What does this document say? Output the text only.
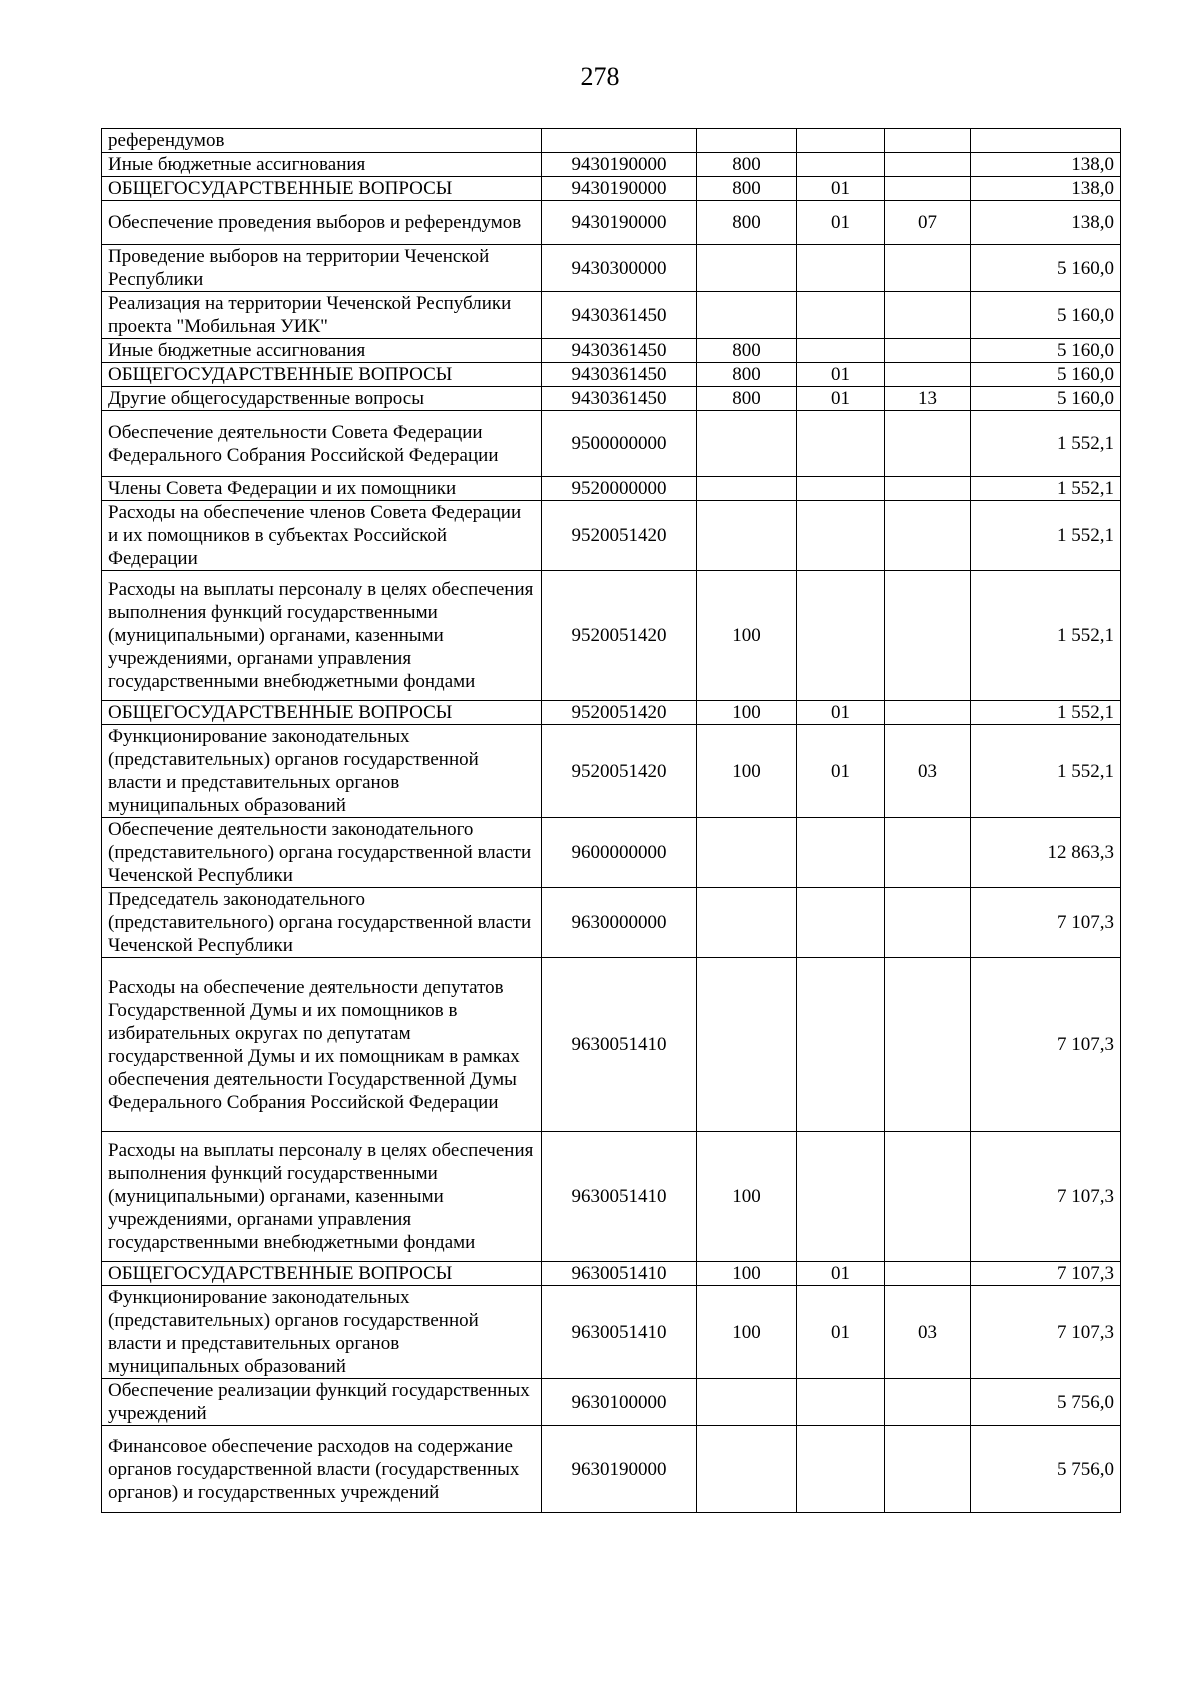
278
референдумов					
Иные бюджетные ассигнования	9430190000	800			138,0
ОБЩЕГОСУДАРСТВЕННЫЕ ВОПРОСЫ	9430190000	800	01		138,0
Обеспечение проведения выборов и референдумов	9430190000	800	01	07	138,0
Проведение выборов на территории Чеченской Республики	9430300000				5 160,0
Реализация на территории Чеченской Республики проекта "Мобильная УИК"	9430361450				5 160,0
Иные бюджетные ассигнования	9430361450	800			5 160,0
ОБЩЕГОСУДАРСТВЕННЫЕ ВОПРОСЫ	9430361450	800	01		5 160,0
Другие общегосударственные вопросы	9430361450	800	01	13	5 160,0
Обеспечение деятельности Совета Федерации Федерального Собрания Российской Федерации	9500000000				1 552,1
Члены Совета Федерации и их помощники	9520000000				1 552,1
Расходы на обеспечение членов Совета Федерации и их помощников в субъектах Российской Федерации	9520051420				1 552,1
Расходы на выплаты персоналу в целях обеспечения выполнения функций государственными (муниципальными) органами, казенными учреждениями, органами управления государственными внебюджетными фондами	9520051420	100			1 552,1
ОБЩЕГОСУДАРСТВЕННЫЕ ВОПРОСЫ	9520051420	100	01		1 552,1
Функционирование законодательных (представительных) органов государственной власти и представительных органов муниципальных образований	9520051420	100	01	03	1 552,1
Обеспечение деятельности законодательного (представительного) органа государственной власти Чеченской Республики	9600000000				12 863,3
Председатель законодательного (представительного) органа государственной власти Чеченской Республики	9630000000				7 107,3
Расходы на обеспечение деятельности депутатов Государственной Думы и их помощников в избирательных округах по депутатам государственной Думы и их помощникам в рамках обеспечения деятельности Государственной Думы Федерального Собрания Российской Федерации	9630051410				7 107,3
Расходы на выплаты персоналу в целях обеспечения выполнения функций государственными (муниципальными) органами, казенными учреждениями, органами управления государственными внебюджетными фондами	9630051410	100			7 107,3
ОБЩЕГОСУДАРСТВЕННЫЕ ВОПРОСЫ	9630051410	100	01		7 107,3
Функционирование законодательных (представительных) органов государственной власти и представительных органов муниципальных образований	9630051410	100	01	03	7 107,3
Обеспечение реализации функций государственных учреждений	9630100000				5 756,0
Финансовое обеспечение расходов на содержание органов государственной власти (государственных органов) и государственных учреждений	9630190000				5 756,0
